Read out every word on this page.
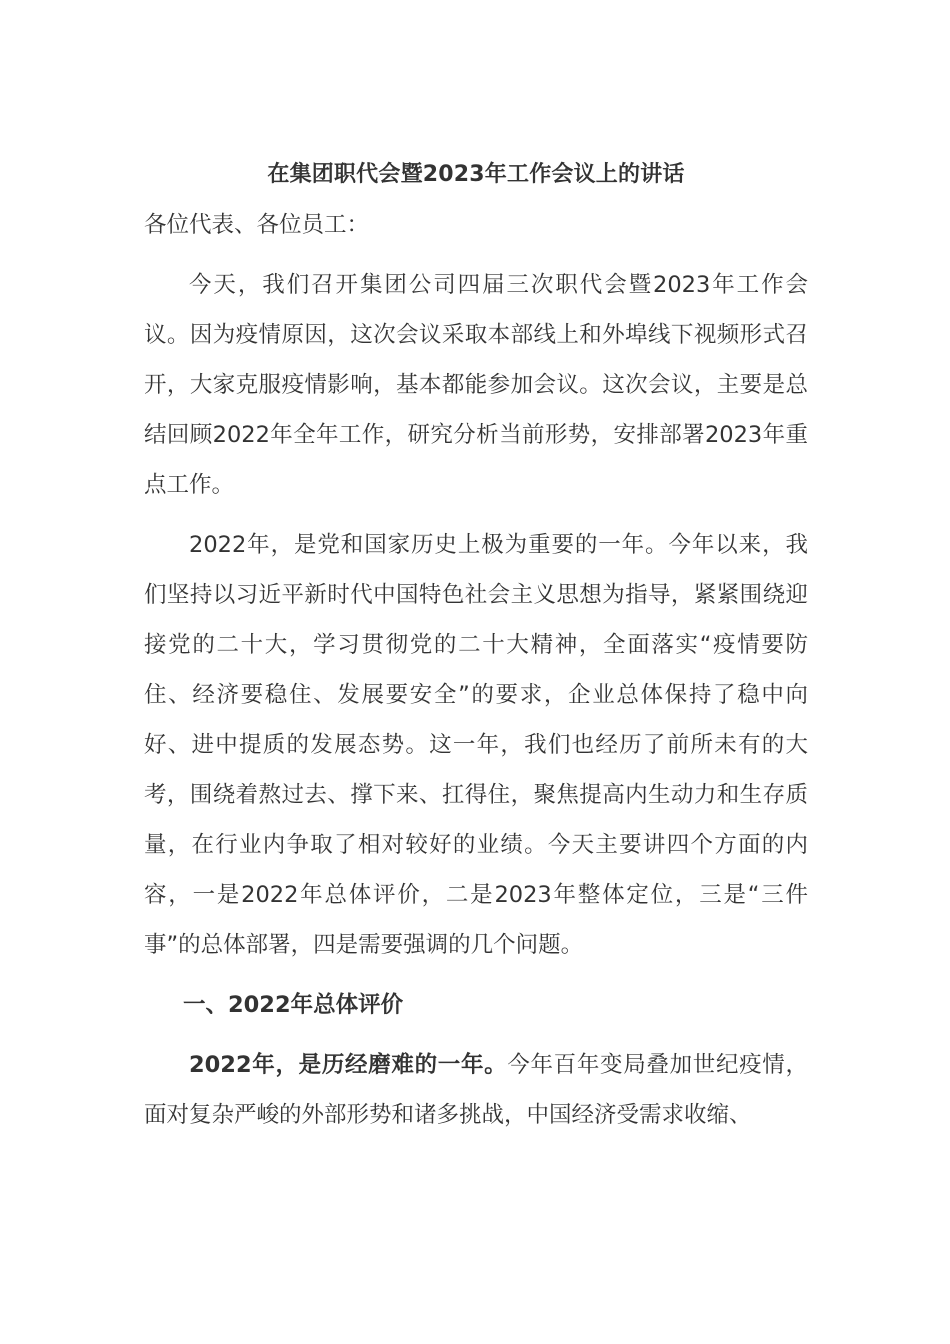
在集团职代会暨2023年工作会议上的讲话

各位代表、各位员工：

今天，我们召开集团公司四届三次职代会暨2023年工作会议。因为疫情原因，这次会议采取本部线上和外埠线下视频形式召开，大家克服疫情影响，基本都能参加会议。这次会议，主要是总结回顾2022年全年工作，研究分析当前形势，安排部署2023年重点工作。

2022年，是党和国家历史上极为重要的一年。今年以来，我们坚持以习近平新时代中国特色社会主义思想为指导，紧紧围绕迎接党的二十大，学习贯彻党的二十大精神，全面落实“疫情要防住、经济要稳住、发展要安全”的要求，企业总体保持了稳中向好、进中提质的发展态势。这一年，我们也经历了前所未有的大考，围绕着熬过去、撑下来、扛得住，聚焦提高内生动力和生存质量，在行业内争取了相对较好的业绩。今天主要讲四个方面的内容，一是2022年总体评价，二是2023年整体定位，三是“三件事”的总体部署，四是需要强调的几个问题。

一、2022年总体评价

2022年，是历经磨难的一年。今年百年变局叠加世纪疫情，面对复杂严峻的外部形势和诸多挑战，中国经济受需求收缩、
